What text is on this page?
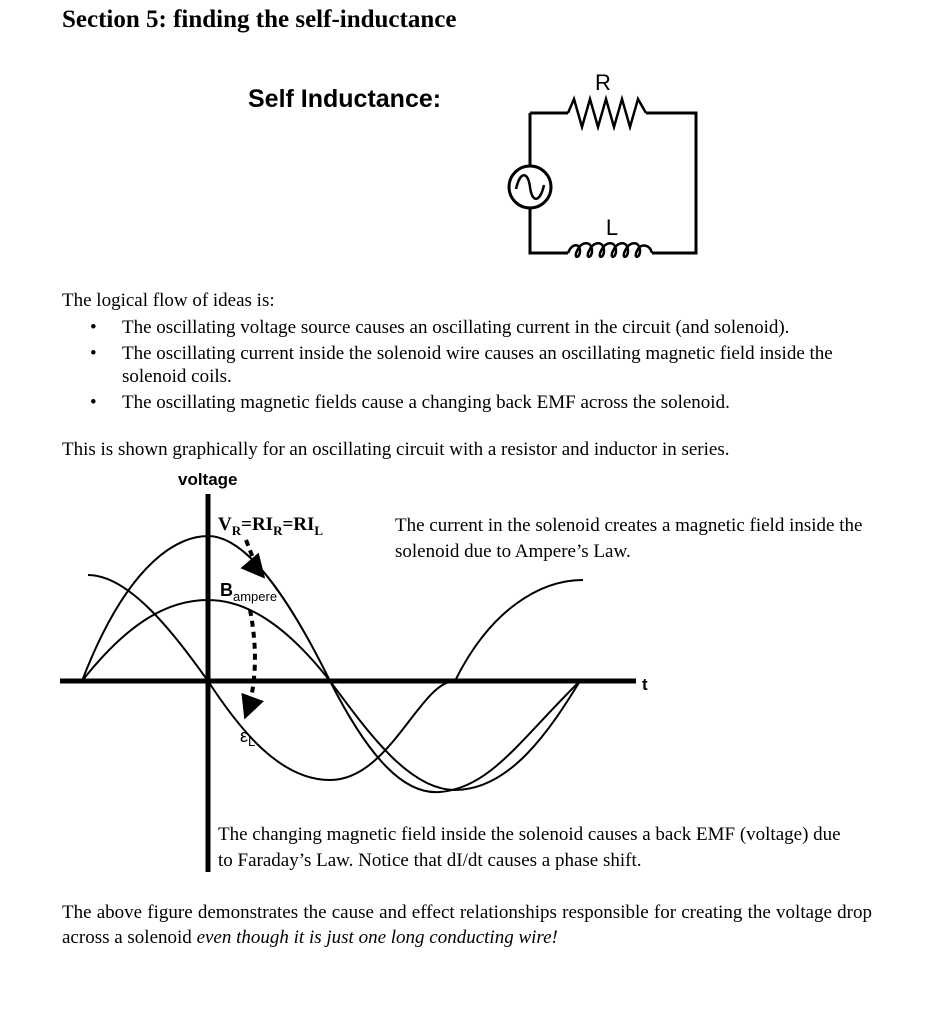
Section 5: finding the self-inductance
Self Inductance:
R
L
The logical flow of ideas is:
• The oscillating voltage source causes an oscillating current in the circuit (and solenoid).
• The oscillating current inside the solenoid wire causes an oscillating magnetic field inside the solenoid coils.
• The oscillating magnetic fields cause a changing back EMF across the solenoid.
This is shown graphically for an oscillating circuit with a resistor and inductor in series.
voltage
t
$V_R=RI_R=RI_L$
$B_{ampere}$
$\varepsilon_L$
The current in the solenoid creates a magnetic field inside the solenoid due to Ampere’s Law.
The changing magnetic field inside the solenoid causes a back EMF (voltage) due to Faraday’s Law. Notice that dI/dt causes a phase shift.
The above figure demonstrates the cause and effect relationships responsible for creating the voltage drop across a solenoid even though it is just one long conducting wire!
